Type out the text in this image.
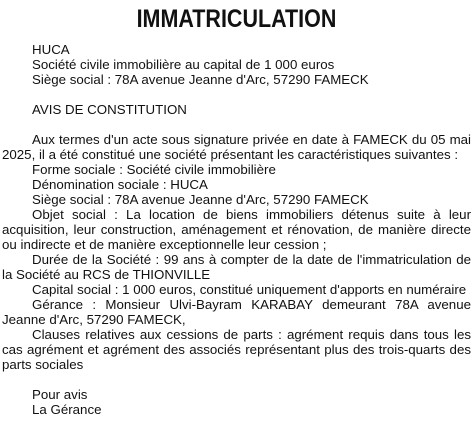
IMMATRICULATION
HUCA
Société civile immobilière au capital de 1 000 euros
Siège social : 78A avenue Jeanne d'Arc, 57290 FAMECK
AVIS DE CONSTITUTION
Aux termes d'un acte sous signature privée en date à FAMECK du 05 mai 2025, il a été constitué une société présentant les caractéristiques suivantes :
Forme sociale : Société civile immobilière
Dénomination sociale : HUCA
Siège social : 78A avenue Jeanne d'Arc, 57290 FAMECK
Objet social : La location de biens immobiliers détenus suite à leur acquisition, leur construction, aménagement et rénovation, de manière directe ou indirecte et de manière exceptionnelle leur cession ;
Durée de la Société : 99 ans à compter de la date de l'immatriculation de la Société au RCS de THIONVILLE
Capital social : 1 000 euros, constitué uniquement d'apports en numéraire
Gérance : Monsieur Ulvi-Bayram KARABAY demeurant 78A avenue Jeanne d'Arc, 57290 FAMECK,
Clauses relatives aux cessions de parts : agrément requis dans tous les cas agrément et agrément des associés représentant plus des trois-quarts des parts sociales
Pour avis
La Gérance
